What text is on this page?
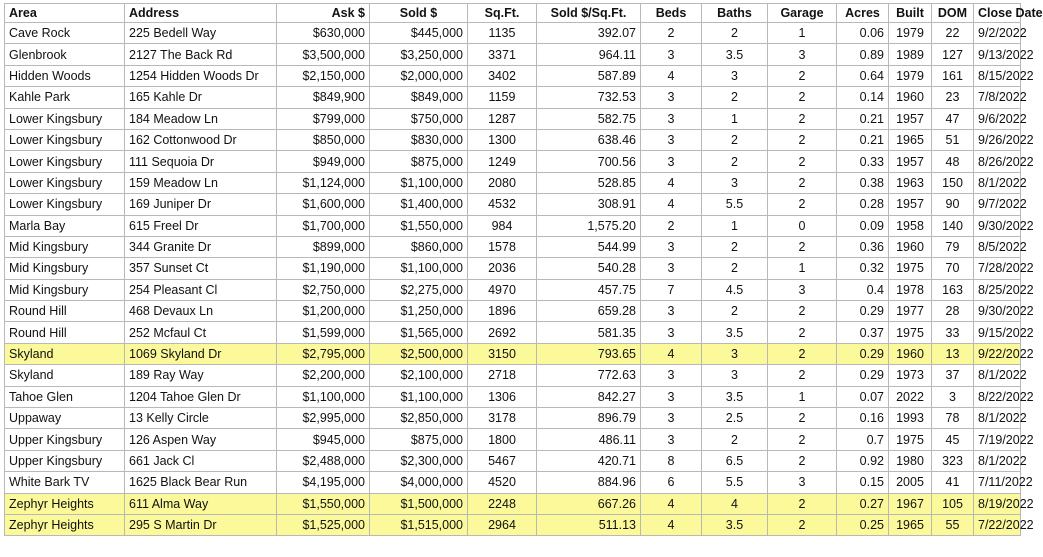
Area	Address	Ask $	Sold $	Sq.Ft.	Sold $/Sq.Ft.	Beds	Baths	Garage	Acres	Built	DOM	Close Date
Cave Rock	225 Bedell Way	$630,000	$445,000	1135	392.07	2	2	1	0.06	1979	22	9/2/2022
Glenbrook	2127 The Back Rd	$3,500,000	$3,250,000	3371	964.11	3	3.5	3	0.89	1989	127	9/13/2022
Hidden Woods	1254 Hidden Woods Dr	$2,150,000	$2,000,000	3402	587.89	4	3	2	0.64	1979	161	8/15/2022
Kahle Park	165 Kahle Dr	$849,900	$849,000	1159	732.53	3	2	2	0.14	1960	23	7/8/2022
Lower Kingsbury	184 Meadow Ln	$799,000	$750,000	1287	582.75	3	1	2	0.21	1957	47	9/6/2022
Lower Kingsbury	162 Cottonwood Dr	$850,000	$830,000	1300	638.46	3	2	2	0.21	1965	51	9/26/2022
Lower Kingsbury	111 Sequoia Dr	$949,000	$875,000	1249	700.56	3	2	2	0.33	1957	48	8/26/2022
Lower Kingsbury	159 Meadow Ln	$1,124,000	$1,100,000	2080	528.85	4	3	2	0.38	1963	150	8/1/2022
Lower Kingsbury	169 Juniper Dr	$1,600,000	$1,400,000	4532	308.91	4	5.5	2	0.28	1957	90	9/7/2022
Marla Bay	615 Freel Dr	$1,700,000	$1,550,000	984	1,575.20	2	1	0	0.09	1958	140	9/30/2022
Mid Kingsbury	344 Granite Dr	$899,000	$860,000	1578	544.99	3	2	2	0.36	1960	79	8/5/2022
Mid Kingsbury	357 Sunset Ct	$1,190,000	$1,100,000	2036	540.28	3	2	1	0.32	1975	70	7/28/2022
Mid Kingsbury	254 Pleasant Cl	$2,750,000	$2,275,000	4970	457.75	7	4.5	3	0.4	1978	163	8/25/2022
Round Hill	468 Devaux Ln	$1,200,000	$1,250,000	1896	659.28	3	2	2	0.29	1977	28	9/30/2022
Round Hill	252 Mcfaul Ct	$1,599,000	$1,565,000	2692	581.35	3	3.5	2	0.37	1975	33	9/15/2022
Skyland	1069 Skyland Dr	$2,795,000	$2,500,000	3150	793.65	4	3	2	0.29	1960	13	9/22/2022
Skyland	189 Ray Way	$2,200,000	$2,100,000	2718	772.63	3	3	2	0.29	1973	37	8/1/2022
Tahoe Glen	1204 Tahoe Glen Dr	$1,100,000	$1,100,000	1306	842.27	3	3.5	1	0.07	2022	3	8/22/2022
Uppaway	13 Kelly Circle	$2,995,000	$2,850,000	3178	896.79	3	2.5	2	0.16	1993	78	8/1/2022
Upper Kingsbury	126 Aspen Way	$945,000	$875,000	1800	486.11	3	2	2	0.7	1975	45	7/19/2022
Upper Kingsbury	661 Jack Cl	$2,488,000	$2,300,000	5467	420.71	8	6.5	2	0.92	1980	323	8/1/2022
White Bark TV	1625 Black Bear Run	$4,195,000	$4,000,000	4520	884.96	6	5.5	3	0.15	2005	41	7/11/2022
Zephyr Heights	611 Alma Way	$1,550,000	$1,500,000	2248	667.26	4	4	2	0.27	1967	105	8/19/2022
Zephyr Heights	295 S Martin Dr	$1,525,000	$1,515,000	2964	511.13	4	3.5	2	0.25	1965	55	7/22/2022
